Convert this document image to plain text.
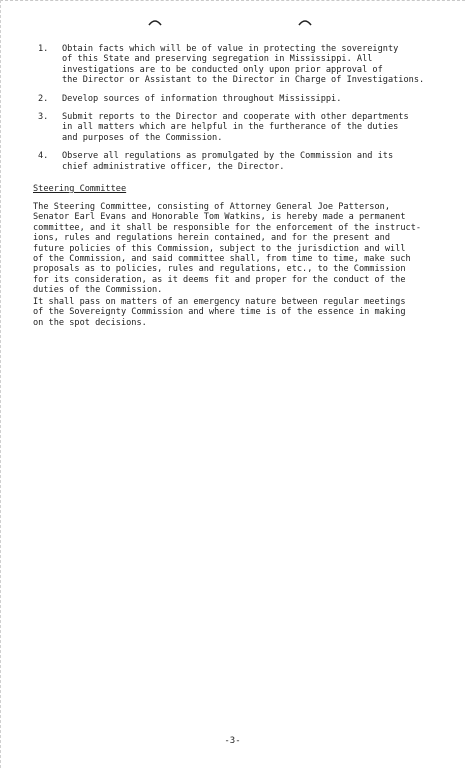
1.	Obtain facts which will be of value in protecting the sovereignty
of this State and preserving segregation in Mississippi. All
investigations are to be conducted only upon prior approval of
the Director or Assistant to the Director in Charge of Investigations.
2.	Develop sources of information throughout Mississippi.
3.	Submit reports to the Director and cooperate with other departments
in all matters which are helpful in the furtherance of the duties
and purposes of the Commission.
4.	Observe all regulations as promulgated by the Commission and its
chief administrative officer, the Director.
Steering Committee
The Steering Committee, consisting of Attorney General Joe Patterson,
Senator Earl Evans and Honorable Tom Watkins, is hereby made a permanent
committee, and it shall be responsible for the enforcement of the instruct-
ions, rules and regulations herein contained, and for the present and
future policies of this Commission, subject to the jurisdiction and will
of the Commission, and said committee shall, from time to time, make such
proposals as to policies, rules and regulations, etc., to the Commission
for its consideration, as it deems fit and proper for the conduct of the
duties of the Commission.
It shall pass on matters of an emergency nature between regular meetings
of the Sovereignty Commission and where time is of the essence in making
on the spot decisions.
-3-
